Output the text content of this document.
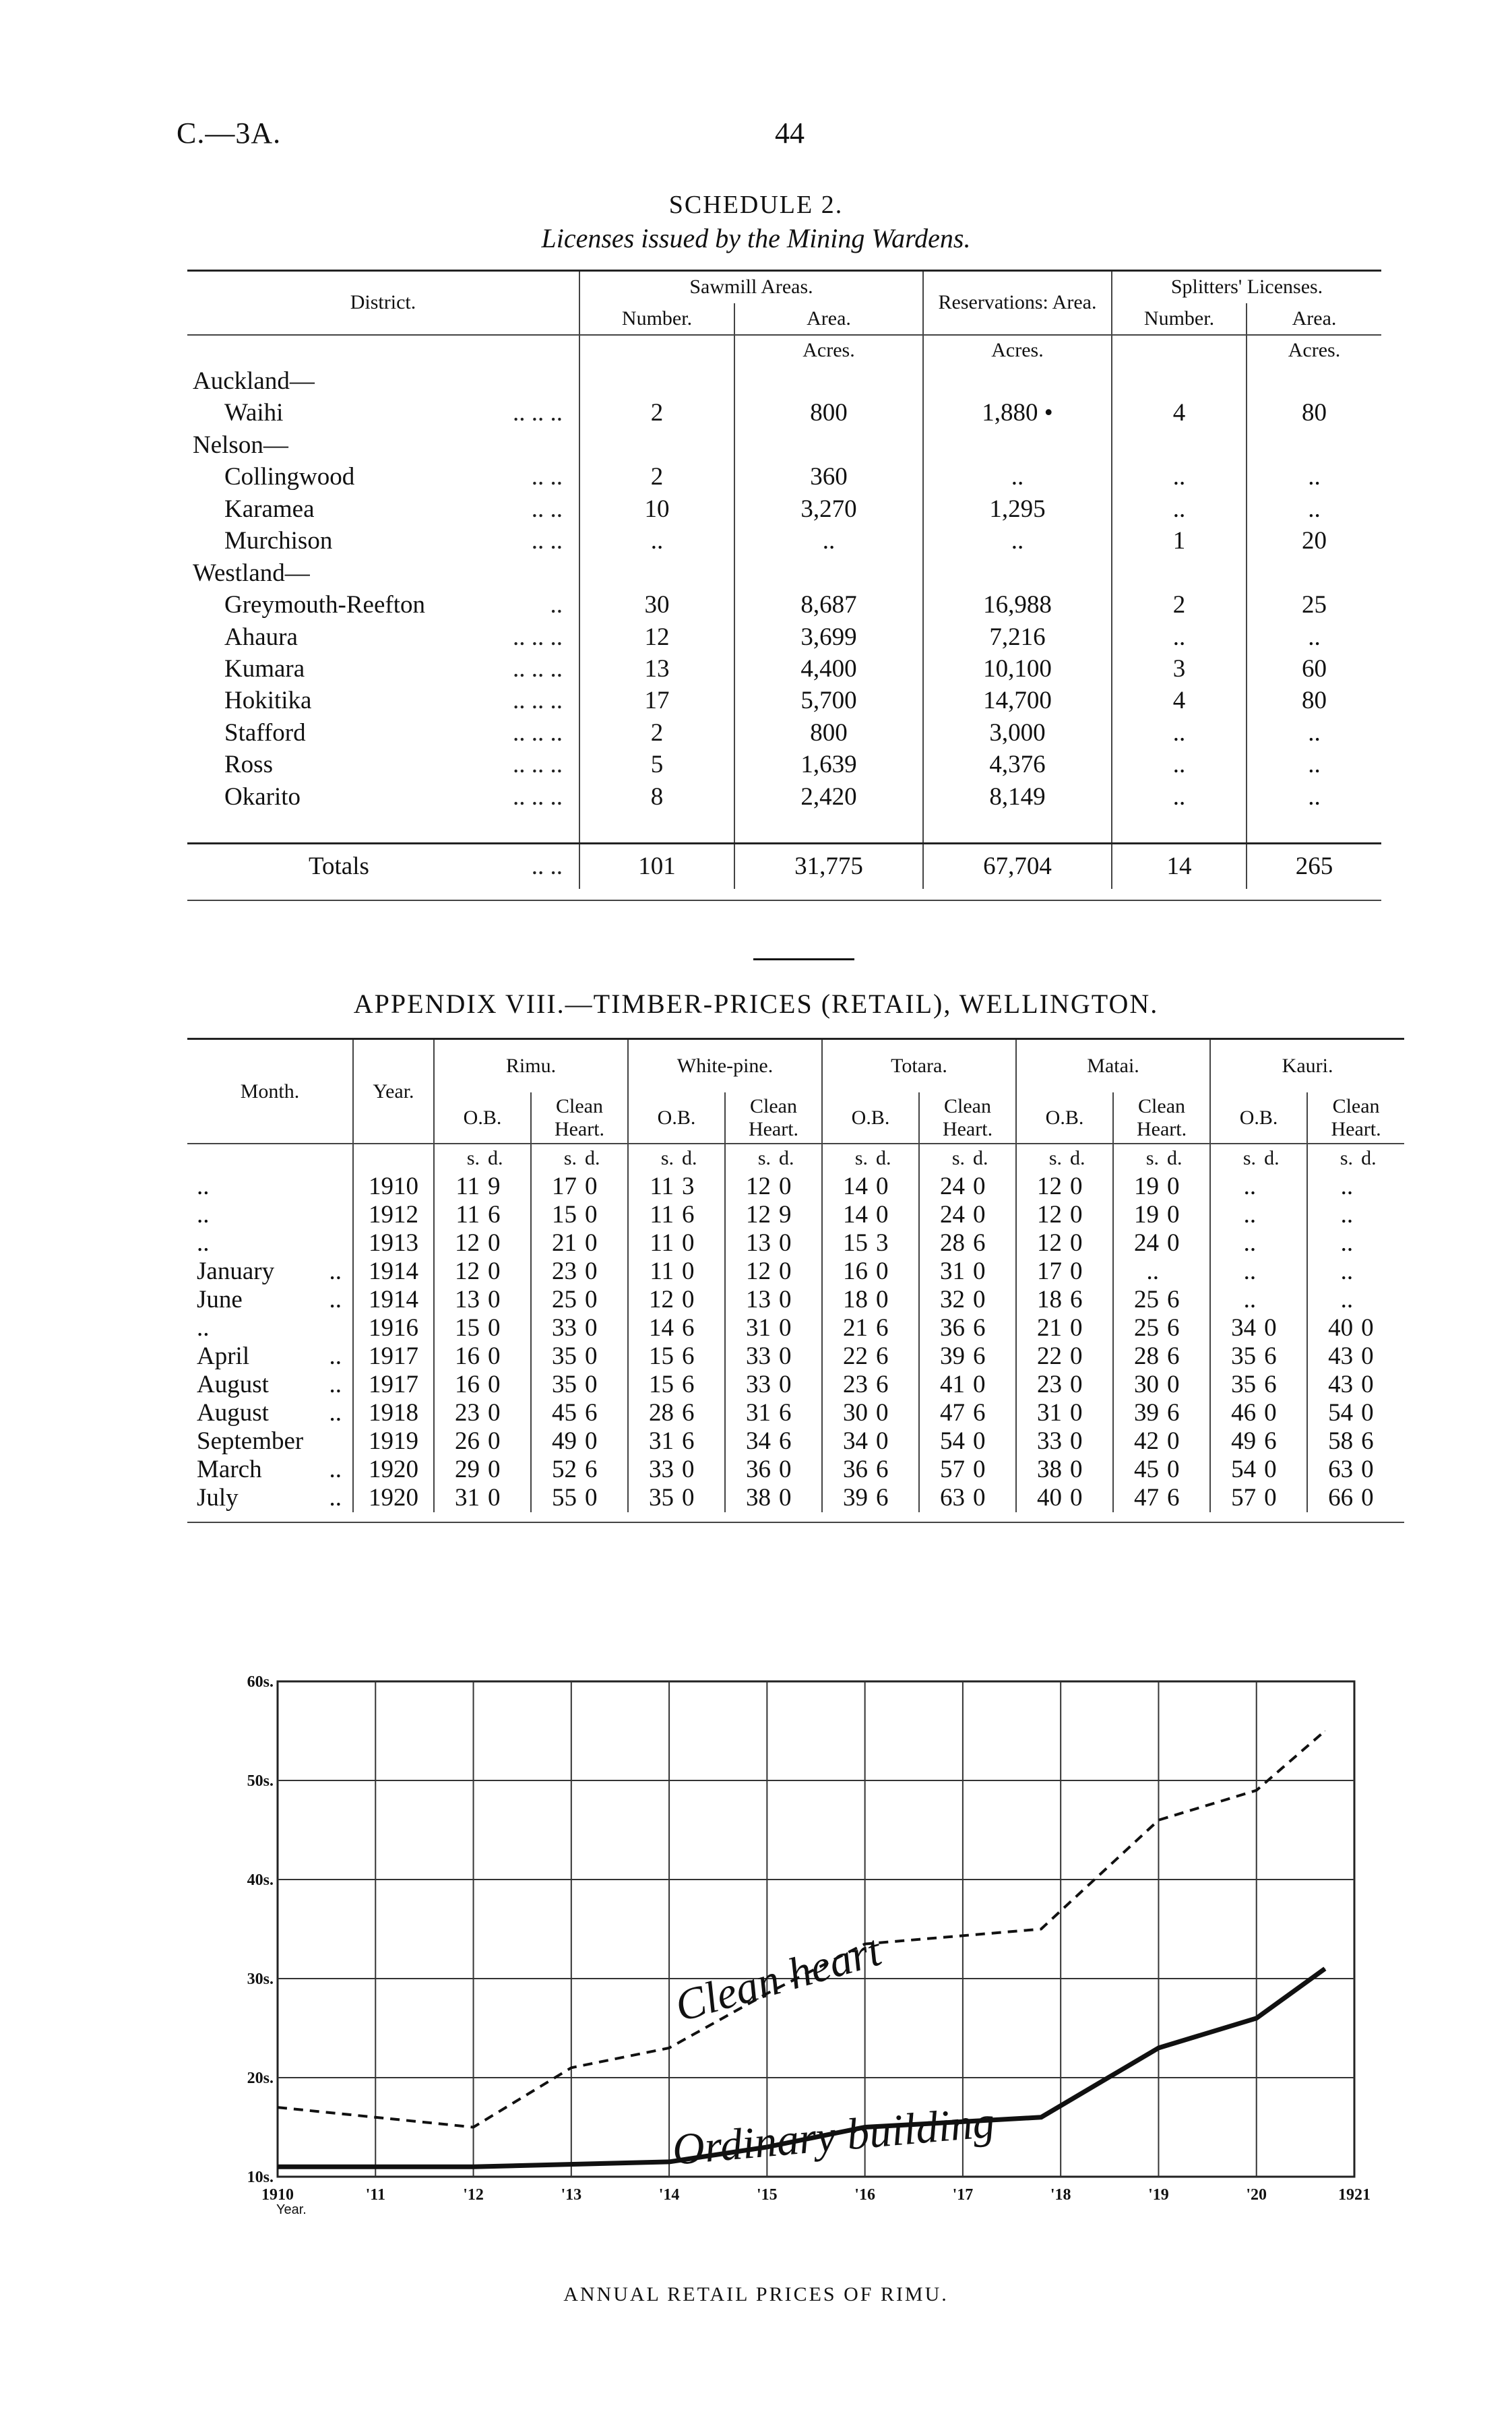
C.—3A.	44
SCHEDULE 2.
Licenses issued by the Mining Wardens.
District.	Sawmill Areas.		Reservations: Area.	Splitters' Licenses.	
	Number.	Area.		Number.	Area.
		Acres.	Acres.		Acres.
Auckland—

Waihi .. .. ..	2	800	1,880 •	4	80
Nelson—

Collingwood .. ..	2	360	..	..	..
Karamea .. ..	10	3,270	1,295	..	..
Murchison .. ..	..	..	..	1	20
Westland—

Greymouth-Reefton ..	30	8,687	16,988	2	25
Ahaura .. .. ..	12	3,699	7,216	..	..
Kumara .. .. ..	13	4,400	10,100	3	60
Hokitika .. .. ..	17	5,700	14,700	4	80
Stafford .. .. ..	2	800	3,000	..	..
Ross .. .. ..	5	1,639	4,376	..	..
Okarito .. .. ..	8	2,420	8,149	..	..

Totals .. ..	101	31,775	67,704	14	265

APPENDIX VIII.—TIMBER-PRICES (RETAIL), WELLINGTON.
Month.	Year.	Rimu.				White-pine.				Totara.				Matai.				Kauri.			
		O.B.		Clean Heart.		O.B.		Clean Heart.		O.B.		Clean Heart.		O.B.		Clean Heart.		O.B.		Clean Heart.	
		s.	d.	s.	d.	s.	d.	s.	d.	s.	d.	s.	d.	s.	d.	s.	d.	s.	d.	s.	d.
..	1910	11	9	17	0	11	3	12	0	14	0	24	0	12	0	19	0	..		..	
..	1912	11	6	15	0	11	6	12	9	14	0	24	0	12	0	19	0	..		..	
..	1913	12	0	21	0	11	0	13	0	15	3	28	6	12	0	24	0	..		..	
January ..	1914	12	0	23	0	11	0	12	0	16	0	31	0	17	0	..		..		..	
June ..	1914	13	0	25	0	12	0	13	0	18	0	32	0	18	6	25	6	..		..	
..	1916	15	0	33	0	14	6	31	0	21	6	36	6	21	0	25	6	34	0	40	0
April ..	1917	16	0	35	0	15	6	33	0	22	6	39	6	22	0	28	6	35	6	43	0
August ..	1917	16	0	35	0	15	6	33	0	23	6	41	0	23	0	30	0	35	6	43	0
August ..	1918	23	0	45	6	28	6	31	6	30	0	47	6	31	0	39	6	46	0	54	0
September	1919	26	0	49	0	31	6	34	6	34	0	54	0	33	0	42	0	49	6	58	6
March ..	1920	29	0	52	6	33	0	36	0	36	6	57	0	38	0	45	0	54	0	63	0
July ..	1920	31	0	55	0	35	0	38	0	39	6	63	0	40	0	47	6	57	0	66	0

1910	'11	'12	'13	'14	'15	'16	'17	'18	'19	'20	1921
10s.
20s.
30s.
40s.
50s.
60s.
Clean heart
Ordinary building
Year.
ANNUAL RETAIL PRICES OF RIMU.
